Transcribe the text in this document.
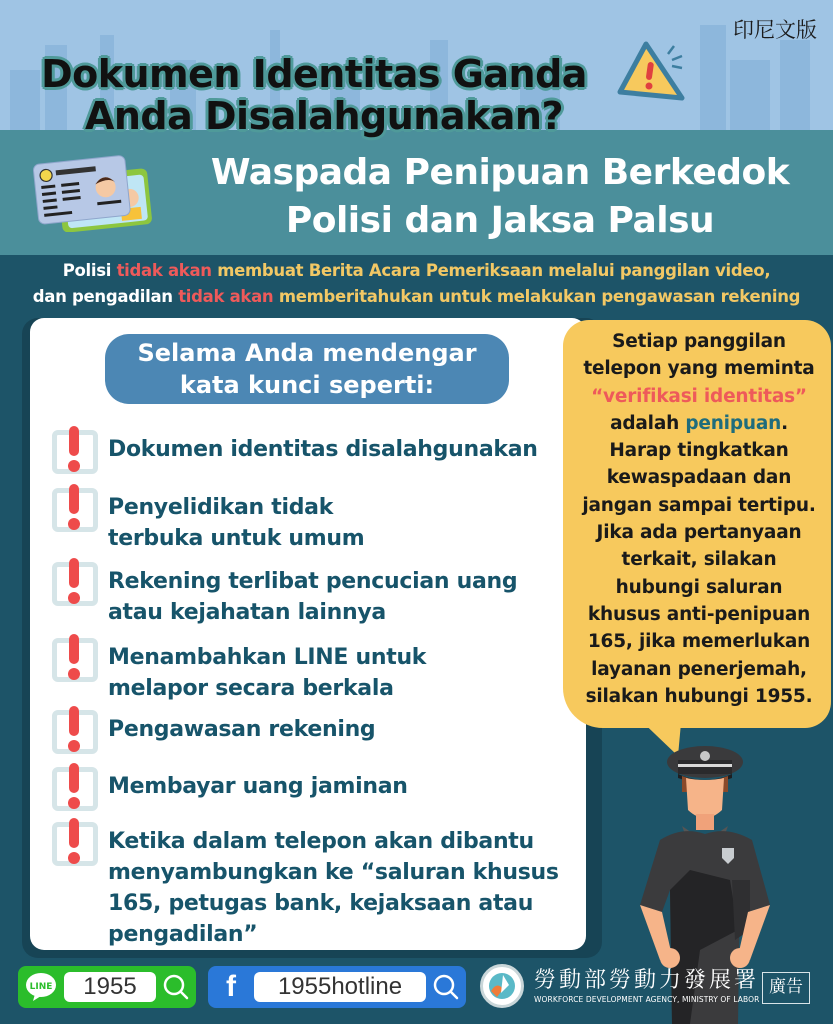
印尼文版
Dokumen Identitas Ganda
Anda Disalahgunakan?
Waspada Penipuan Berkedok
Polisi dan Jaksa Palsu
Polisi tidak akan membuat Berita Acara Pemeriksaan melalui panggilan video,
dan pengadilan tidak akan memberitahukan untuk melakukan pengawasan rekening
Selama Anda mendengar
kata kunci seperti:
Dokumen identitas disalahgunakan
Penyelidikan tidak
terbuka untuk umum
Rekening terlibat pencucian uang
atau kejahatan lainnya
Menambahkan LINE untuk
melapor secara berkala
Pengawasan rekening
Membayar uang jaminan
Ketika dalam telepon akan dibantu
menyambungkan ke “saluran khusus
165, petugas bank, kejaksaan atau
pengadilan”
Setiap panggilan
telepon yang meminta
“verifikasi identitas”
adalah penipuan.
Harap tingkatkan
kewaspadaan dan
jangan sampai tertipu.
Jika ada pertanyaan
terkait, silakan
hubungi saluran
khusus anti-penipuan
165, jika memerlukan
layanan penerjemah,
silakan hubungi 1955.
LINE	1955	f	1955hotline	勞動部勞動力發展署
WORKFORCE DEVELOPMENT AGENCY, MINISTRY OF LABOR
廣告
